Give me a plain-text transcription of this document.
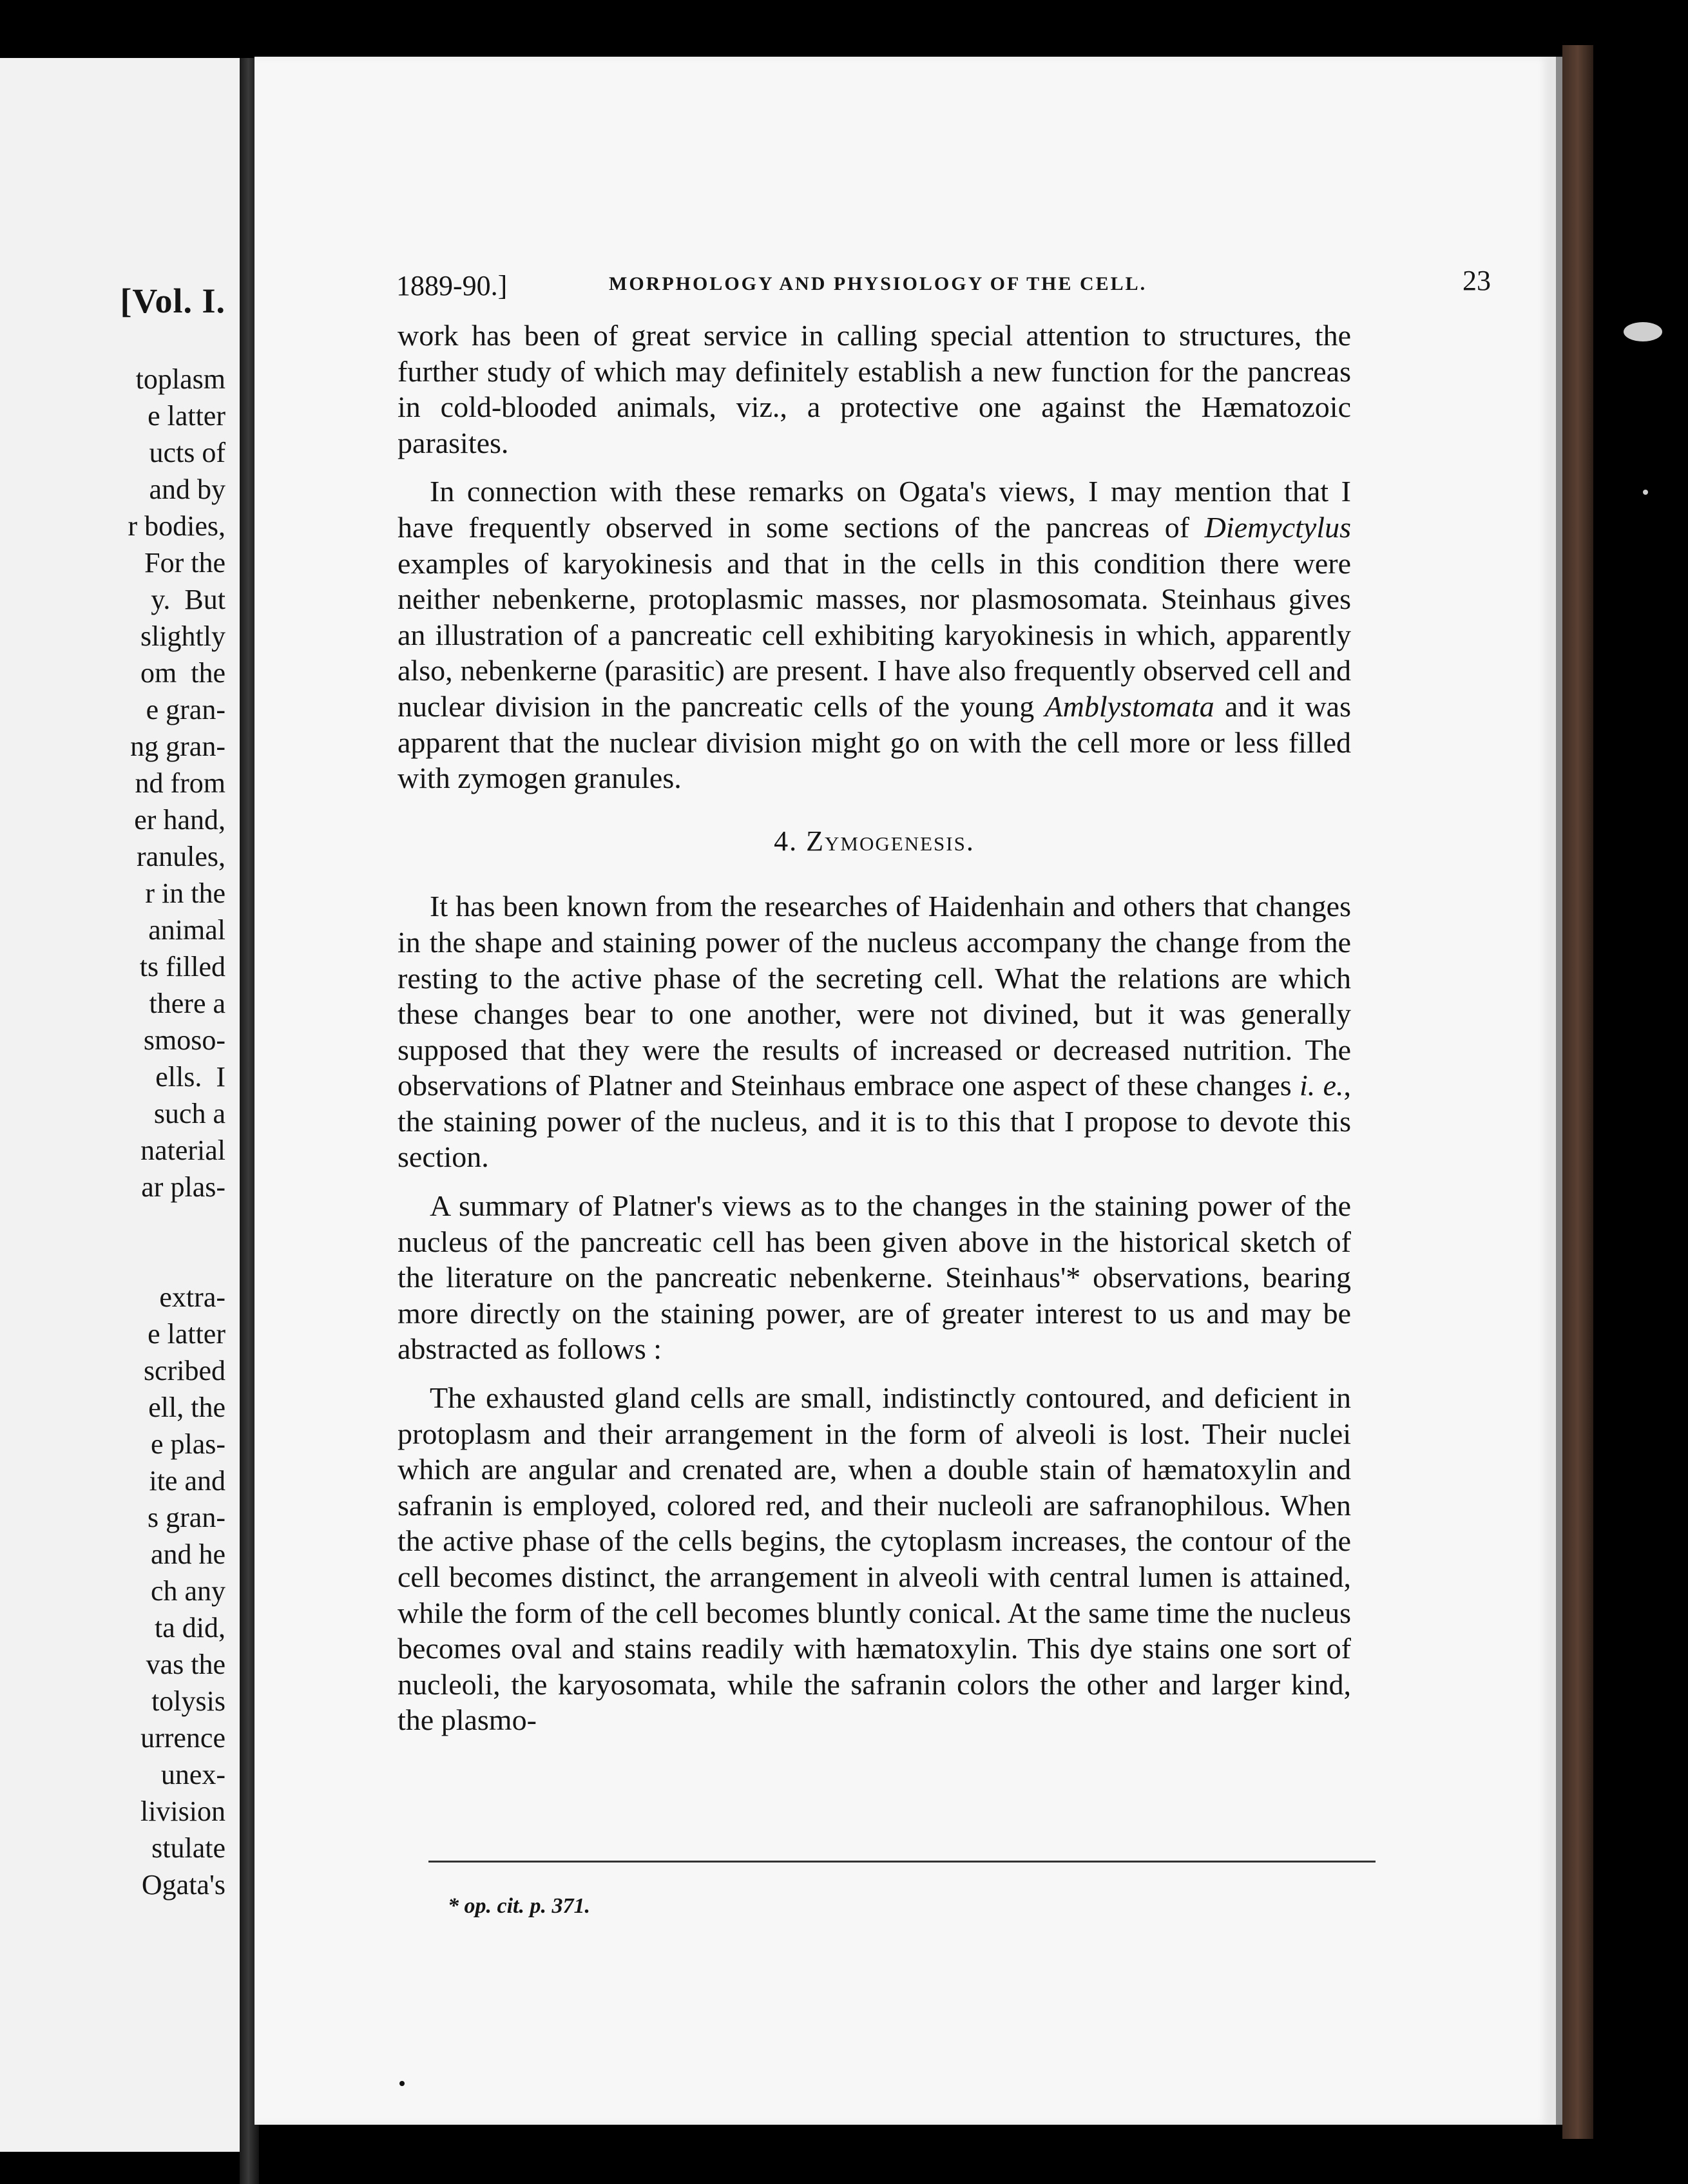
[Vol. I.
toplasm
e latter
ucts of
and by
r bodies,
For the
y.  But
slightly
om  the
e gran-
ng gran-
nd from
er hand,
ranules,
r in the
animal
ts filled
there a
smoso-
ells.  I
such a
naterial
ar plas-

extra-
e latter
scribed
ell, the
e plas-
ite and
s gran-
and he
ch any
ta did,
vas the
tolysis
urrence
unex-
livision
stulate
Ogata's
1889-90.]	MORPHOLOGY AND PHYSIOLOGY OF THE CELL.	23

work has been of great service in calling special attention to structures, the further study of which may definitely establish a new function for the pancreas in cold-blooded animals, viz., a protective one against the Hæmatozoic parasites.

In connection with these remarks on Ogata's views, I may mention that I have frequently observed in some sections of the pancreas of Diemyctylus examples of karyokinesis and that in the cells in this condition there were neither nebenkerne, protoplasmic masses, nor plasmosomata. Steinhaus gives an illustration of a pancreatic cell exhibiting karyokinesis in which, apparently also, nebenkerne (parasitic) are present. I have also frequently observed cell and nuclear division in the pancreatic cells of the young Amblystomata and it was apparent that the nuclear division might go on with the cell more or less filled with zymogen granules.

4. Zymogenesis.

It has been known from the researches of Haidenhain and others that changes in the shape and staining power of the nucleus accompany the change from the resting to the active phase of the secreting cell. What the relations are which these changes bear to one another, were not divined, but it was generally supposed that they were the results of increased or decreased nutrition. The observations of Platner and Steinhaus embrace one aspect of these changes i. e., the staining power of the nucleus, and it is to this that I propose to devote this section.

A summary of Platner's views as to the changes in the staining power of the nucleus of the pancreatic cell has been given above in the historical sketch of the literature on the pancreatic nebenkerne. Steinhaus'* observations, bearing more directly on the staining power, are of greater interest to us and may be abstracted as follows :

The exhausted gland cells are small, indistinctly contoured, and deficient in protoplasm and their arrangement in the form of alveoli is lost. Their nuclei which are angular and crenated are, when a double stain of hæmatoxylin and safranin is employed, colored red, and their nucleoli are safranophilous. When the active phase of the cells begins, the cytoplasm increases, the contour of the cell becomes distinct, the arrangement in alveoli with central lumen is attained, while the form of the cell becomes bluntly conical. At the same time the nucleus becomes oval and stains readily with hæmatoxylin. This dye stains one sort of nucleoli, the karyosomata, while the safranin colors the other and larger kind, the plasmo-

* op. cit. p. 371.
